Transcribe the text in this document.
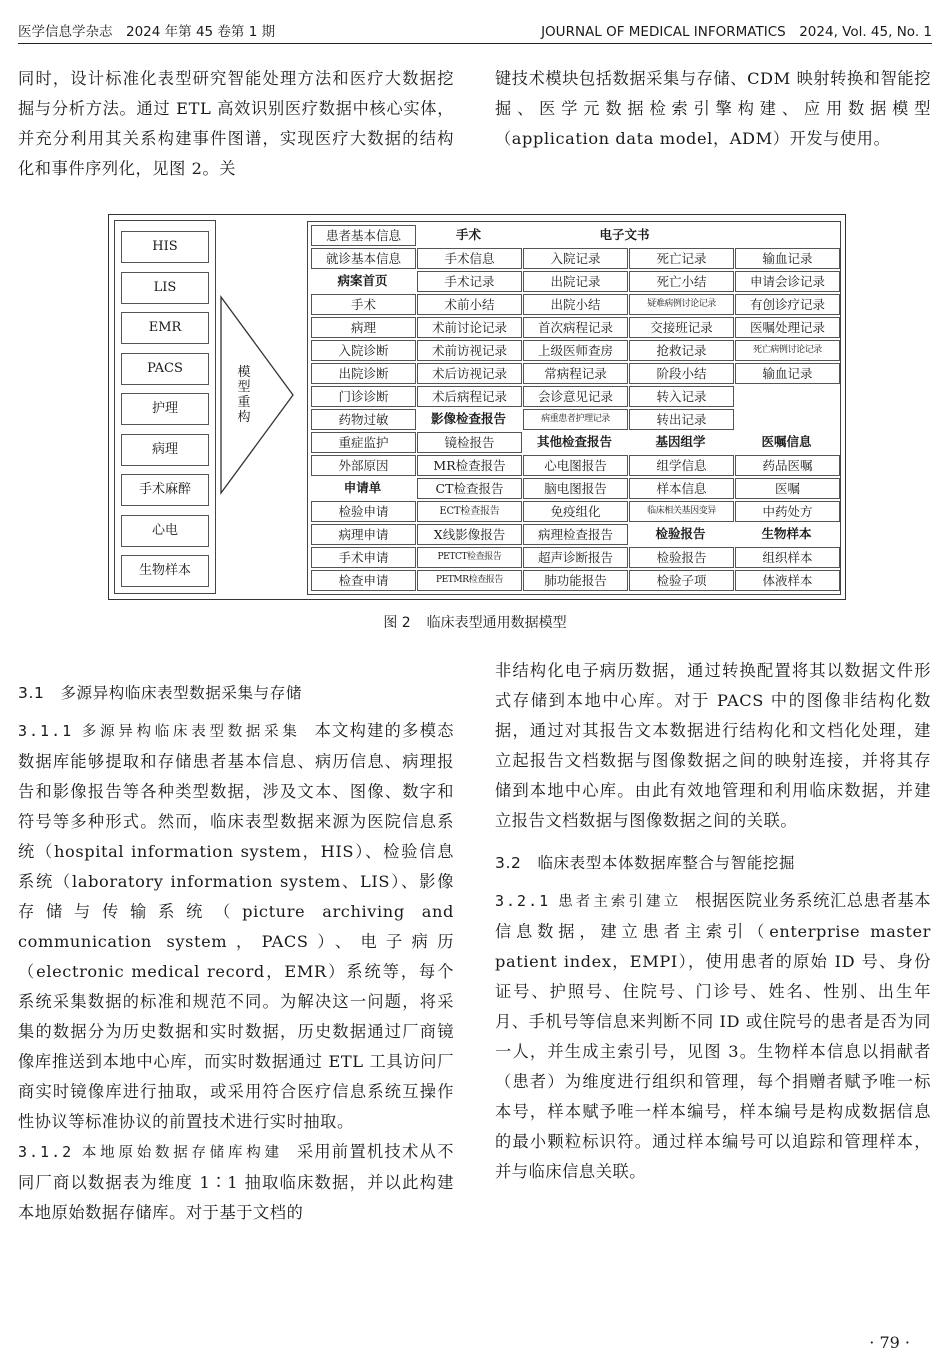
医学信息学杂志　2024 年第 45 卷第 1 期	JOURNAL OF MEDICAL INFORMATICS　2024, Vol. 45, No. 1

同时，设计标准化表型研究智能处理方法和医疗大数据挖掘与分析方法。通过 ETL 高效识别医疗数据中核心实体，并充分利用其关系构建事件图谱，实现医疗大数据的结构化和事件序列化，见图 2。关

键技术模块包括数据采集与存储、CDM 映射转换和智能挖掘、医学元数据检索引擎构建、应用数据模型（application data model，ADM）开发与使用。

HIS
LIS
EMR
PACS
护理
病理
手术麻醉
心电
生物样本
模型重构
患者基本信息
就诊基本信息
病案首页
手术
病理
入院诊断
出院诊断
门诊诊断
药物过敏
重症监护
外部原因
申请单
检验申请
病理申请
手术申请
检查申请
手术
手术信息
手术记录
术前小结
术前讨论记录
术前访视记录
术后访视记录
术后病程记录
影像检查报告
镜检报告
MR检查报告
CT检查报告
ECT检查报告
X线影像报告
PETCT检查报告
PETMR检查报告
电子文书
入院记录
出院记录
出院小结
首次病程记录
上级医师查房
常病程记录
会诊意见记录
病重患者护理记录
其他检查报告
心电图报告
脑电图报告
免疫组化
病理检查报告
超声诊断报告
肺功能报告
死亡记录
死亡小结
疑难病例讨论记录
交接班记录
抢救记录
阶段小结
转入记录
转出记录
基因组学
组学信息
样本信息
临床相关基因变异
检验报告
检验报告
检验子项
输血记录
申请会诊记录
有创诊疗记录
医嘱处理记录
死亡病例讨论记录
输血记录
医嘱信息
药品医嘱
医嘱
中药处方
生物样本
组织样本
体液样本
图 2 临床表型通用数据模型
3.1 多源异构临床表型数据采集与存储

3.1.1 多源异构临床表型数据采集 本文构建的多模态数据库能够提取和存储患者基本信息、病历信息、病理报告和影像报告等各种类型数据，涉及文本、图像、数字和符号等多种形式。然而，临床表型数据来源为医院信息系统（hospital information system，HIS）、检验信息系统（laboratory information system、LIS）、影像存储与传输系统（picture archiving and communication system，PACS）、电子病历（electronic medical record，EMR）系统等，每个系统采集数据的标准和规范不同。为解决这一问题，将采集的数据分为历史数据和实时数据，历史数据通过厂商镜像库推送到本地中心库，而实时数据通过 ETL 工具访问厂商实时镜像库进行抽取，或采用符合医疗信息系统互操作性协议等标准协议的前置技术进行实时抽取。

3.1.2 本地原始数据存储库构建 采用前置机技术从不同厂商以数据表为维度 1∶1 抽取临床数据，并以此构建本地原始数据存储库。对于基于文档的

非结构化电子病历数据，通过转换配置将其以数据文件形式存储到本地中心库。对于 PACS 中的图像非结构化数据，通过对其报告文本数据进行结构化和文档化处理，建立起报告文档数据与图像数据之间的映射连接，并将其存储到本地中心库。由此有效地管理和利用临床数据，并建立报告文档数据与图像数据之间的关联。

3.2 临床表型本体数据库整合与智能挖掘

3.2.1 患者主索引建立 根据医院业务系统汇总患者基本信息数据，建立患者主索引（enterprise master patient index，EMPI），使用患者的原始 ID 号、身份证号、护照号、住院号、门诊号、姓名、性别、出生年月、手机号等信息来判断不同 ID 或住院号的患者是否为同一人，并生成主索引号，见图 3。生物样本信息以捐献者（患者）为维度进行组织和管理，每个捐赠者赋予唯一标本号，样本赋予唯一样本编号，样本编号是构成数据信息的最小颗粒标识符。通过样本编号可以追踪和管理样本，并与临床信息关联。

· 79 ·
